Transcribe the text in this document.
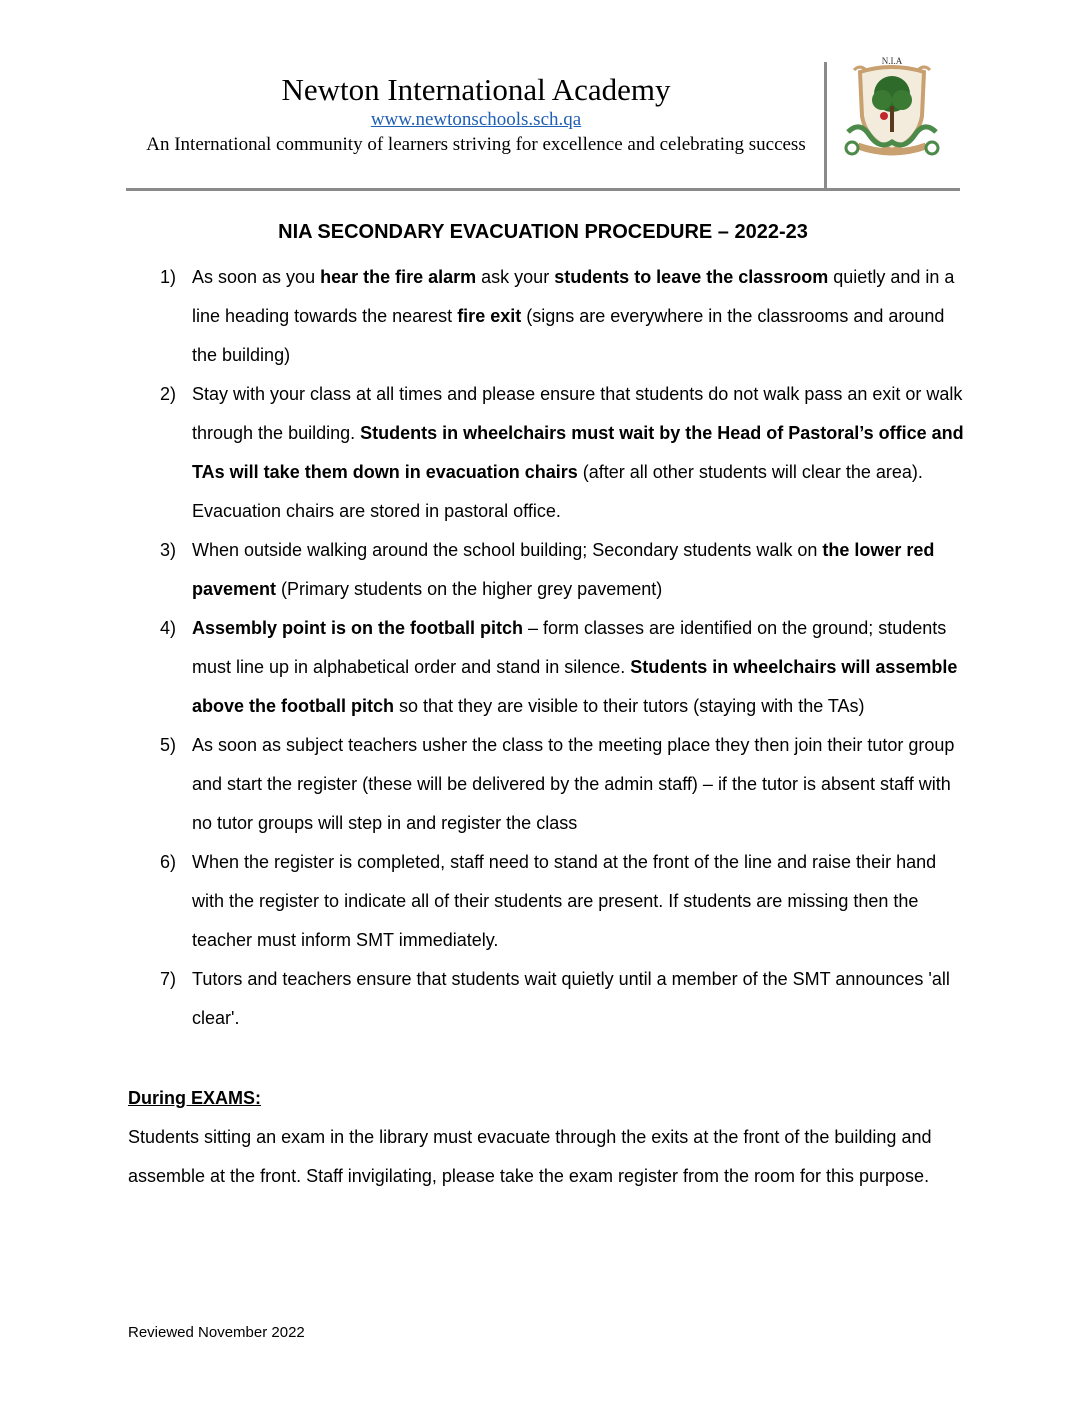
Newton International Academy
www.newtonschools.sch.qa
An International community of learners striving for excellence and celebrating success
N.I.A
NIA SECONDARY EVACUATION PROCEDURE – 2022-23
1) As soon as you hear the fire alarm ask your students to leave the classroom quietly and in a line heading towards the nearest fire exit (signs are everywhere in the classrooms and around the building)
2) Stay with your class at all times and please ensure that students do not walk pass an exit or walk through the building. Students in wheelchairs must wait by the Head of Pastoral’s office and TAs will take them down in evacuation chairs (after all other students will clear the area). Evacuation chairs are stored in pastoral office.
3) When outside walking around the school building; Secondary students walk on the lower red pavement (Primary students on the higher grey pavement)
4) Assembly point is on the football pitch – form classes are identified on the ground; students must line up in alphabetical order and stand in silence. Students in wheelchairs will assemble above the football pitch so that they are visible to their tutors (staying with the TAs)
5) As soon as subject teachers usher the class to the meeting place they then join their tutor group and start the register (these will be delivered by the admin staff) – if the tutor is absent staff with no tutor groups will step in and register the class
6) When the register is completed, staff need to stand at the front of the line and raise their hand with the register to indicate all of their students are present. If students are missing then the teacher must inform SMT immediately.
7) Tutors and teachers ensure that students wait quietly until a member of the SMT announces 'all clear'.
During EXAMS:
Students sitting an exam in the library must evacuate through the exits at the front of the building and assemble at the front. Staff invigilating, please take the exam register from the room for this purpose.
Reviewed November 2022
